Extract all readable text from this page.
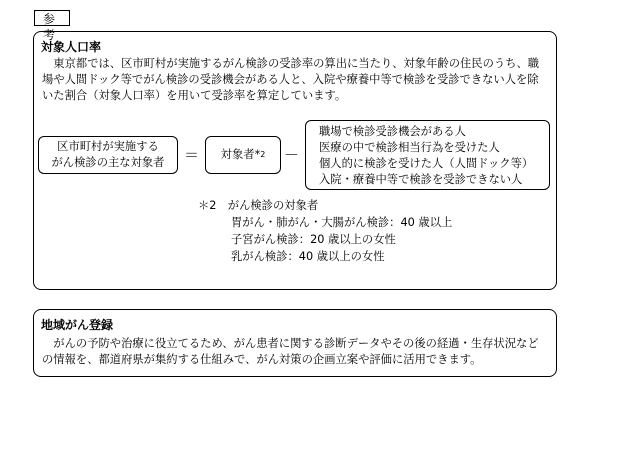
参 考
対象人口率
東京都では、区市町村が実施するがん検診の受診率の算出に当たり、対象年齢の住民のうち、職場や人間ドック等でがん検診の受診機会がある人と、入院や療養中等で検診を受診できない人を除いた割合（対象人口率）を用いて受診率を算定しています。
区市町村が実施する
がん検診の主な対象者 ＝ 対象者* 2 －
職場で検診受診機会がある人
医療の中で検診相当行為を受けた人
個人的に検診を受けた人（人間ドック等）
入院・療養中等で検診を受診できない人
＊2　がん検診の対象者
胃がん・肺がん・大腸がん検診：40 歳以上
子宮がん検診：20 歳以上の女性
乳がん検診：40 歳以上の女性
地域がん登録
がんの予防や治療に役立てるため、がん患者に関する診断データやその後の経過・生存状況などの情報を、都道府県が集約する仕組みで、がん対策の企画立案や評価に活用できます。
